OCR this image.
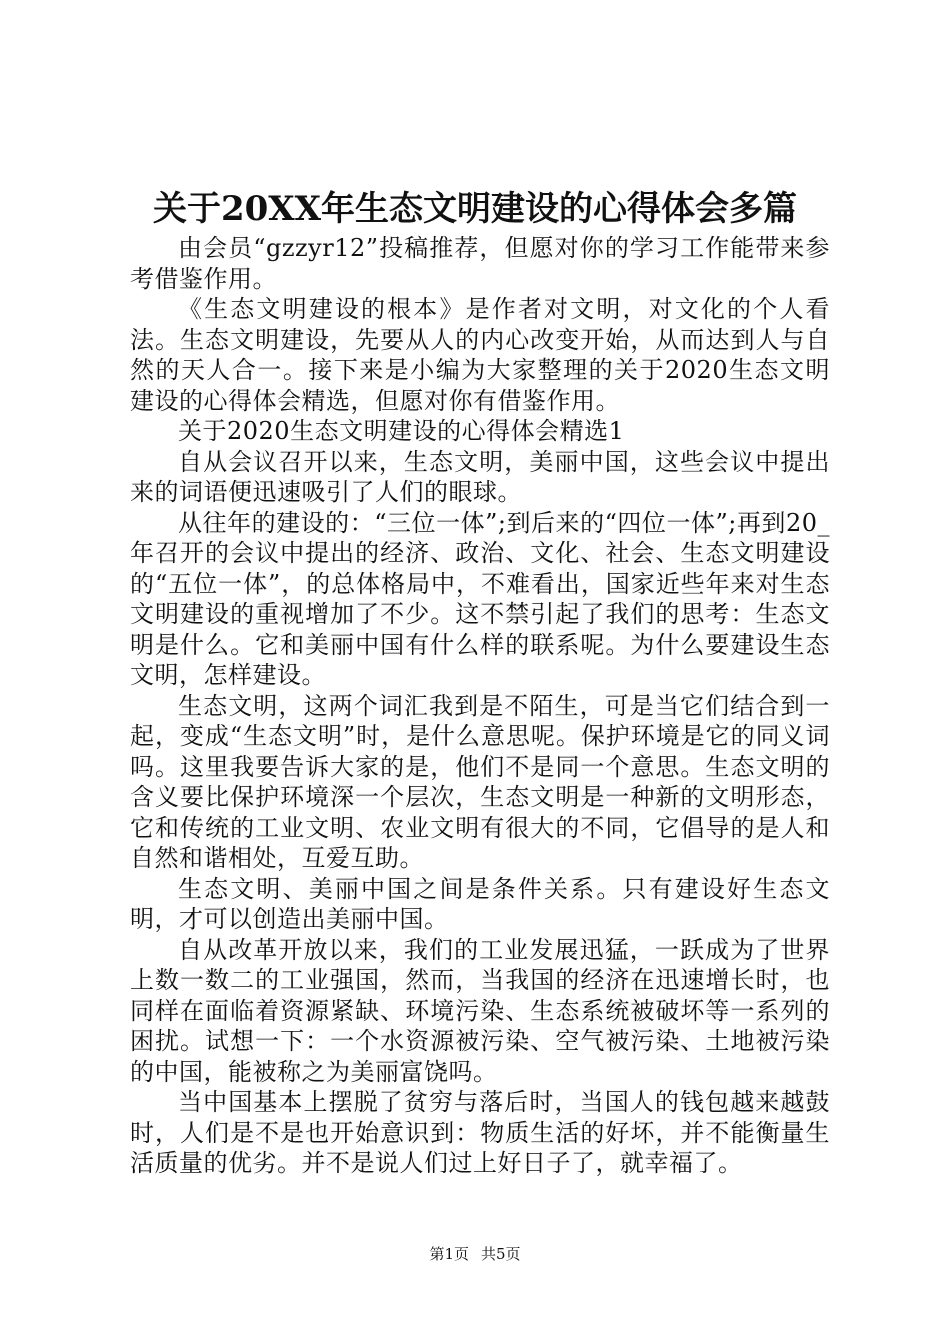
关于20XX年生态文明建设的心得体会多篇

由会员“gzzyr12”投稿推荐，但愿对你的学习工作能带来参考借鉴作用。

《生态文明建设的根本》是作者对文明，对文化的个人看法。生态文明建设，先要从人的内心改变开始，从而达到人与自然的天人合一。接下来是小编为大家整理的关于2020生态文明建设的心得体会精选，但愿对你有借鉴作用。

关于2020生态文明建设的心得体会精选1

自从会议召开以来，生态文明，美丽中国，这些会议中提出来的词语便迅速吸引了人们的眼球。

从往年的建设的：“三位一体”;到后来的“四位一体”;再到20_年召开的会议中提出的经济、政治、文化、社会、生态文明建设的“五位一体”，的总体格局中，不难看出，国家近些年来对生态文明建设的重视增加了不少。这不禁引起了我们的思考：生态文明是什么。它和美丽中国有什么样的联系呢。为什么要建设生态文明，怎样建设。

生态文明，这两个词汇我到是不陌生，可是当它们结合到一起，变成“生态文明”时，是什么意思呢。保护环境是它的同义词吗。这里我要告诉大家的是，他们不是同一个意思。生态文明的含义要比保护环境深一个层次，生态文明是一种新的文明形态，它和传统的工业文明、农业文明有很大的不同，它倡导的是人和自然和谐相处，互爱互助。

生态文明、美丽中国之间是条件关系。只有建设好生态文明，才可以创造出美丽中国。

自从改革开放以来，我们的工业发展迅猛，一跃成为了世界上数一数二的工业强国，然而，当我国的经济在迅速增长时，也同样在面临着资源紧缺、环境污染、生态系统被破坏等一系列的困扰。试想一下：一个水资源被污染、空气被污染、土地被污染的中国，能被称之为美丽富饶吗。

当中国基本上摆脱了贫穷与落后时，当国人的钱包越来越鼓时，人们是不是也开始意识到：物质生活的好坏，并不能衡量生活质量的优劣。并不是说人们过上好日子了，就幸福了。

第1页 共5页
